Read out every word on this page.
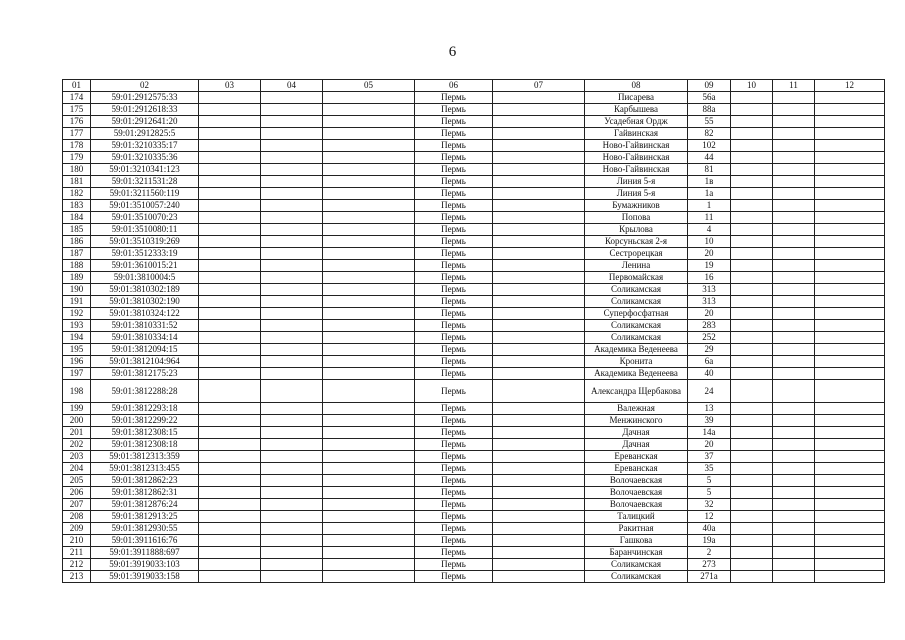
6
01	02	03	04	05	06	07	08	09	10	11	12
174	59:01:2912575:33				Пермь		Писарева	56а			
175	59:01:2912618:33				Пермь		Карбышева	88а			
176	59:01:2912641:20				Пермь		Усадебная Ордж	55			
177	59:01:2912825:5				Пермь		Гайвинская	82			
178	59:01:3210335:17				Пермь		Ново-Гайвинская	102			
179	59:01:3210335:36				Пермь		Ново-Гайвинская	44			
180	59:01:3210341:123				Пермь		Ново-Гайвинская	81			
181	59:01:3211531:28				Пермь		Линия 5-я	1в			
182	59:01:3211560:119				Пермь		Линия 5-я	1а			
183	59:01:3510057:240				Пермь		Бумажников	1			
184	59:01:3510070:23				Пермь		Попова	11			
185	59:01:3510080:11				Пермь		Крылова	4			
186	59:01:3510319:269				Пермь		Корсуньская 2-я	10			
187	59:01:3512333:19				Пермь		Сестрорецкая	20			
188	59:01:3610015:21				Пермь		Ленина	19			
189	59:01:3810004:5				Пермь		Первомайская	16			
190	59:01:3810302:189				Пермь		Соликамская	313			
191	59:01:3810302:190				Пермь		Соликамская	313			
192	59:01:3810324:122				Пермь		Суперфосфатная	20			
193	59:01:3810331:52				Пермь		Соликамская	283			
194	59:01:3810334:14				Пермь		Соликамская	252			
195	59:01:3812094:15				Пермь		Академика Веденеева	29			
196	59:01:3812104:964				Пермь		Кронита	6а			
197	59:01:3812175:23				Пермь		Академика Веденеева	40			
198	59:01:3812288:28				Пермь		Александра Щербакова	24			
199	59:01:3812293:18				Пермь		Валежная	13			
200	59:01:3812299:22				Пермь		Менжинского	39			
201	59:01:3812308:15				Пермь		Дачная	14а			
202	59:01:3812308:18				Пермь		Дачная	20			
203	59:01:3812313:359				Пермь		Ереванская	37			
204	59:01:3812313:455				Пермь		Ереванская	35			
205	59:01:3812862:23				Пермь		Волочаевская	5			
206	59:01:3812862:31				Пермь		Волочаевская	5			
207	59:01:3812876:24				Пермь		Волочаевская	32			
208	59:01:3812913:25				Пермь		Талицкий	12			
209	59:01:3812930:55				Пермь		Ракитная	40а			
210	59:01:3911616:76				Пермь		Гашкова	19а			
211	59:01:3911888:697				Пермь		Баранчинская	2			
212	59:01:3919033:103				Пермь		Соликамская	273			
213	59:01:3919033:158				Пермь		Соликамская	271а			
